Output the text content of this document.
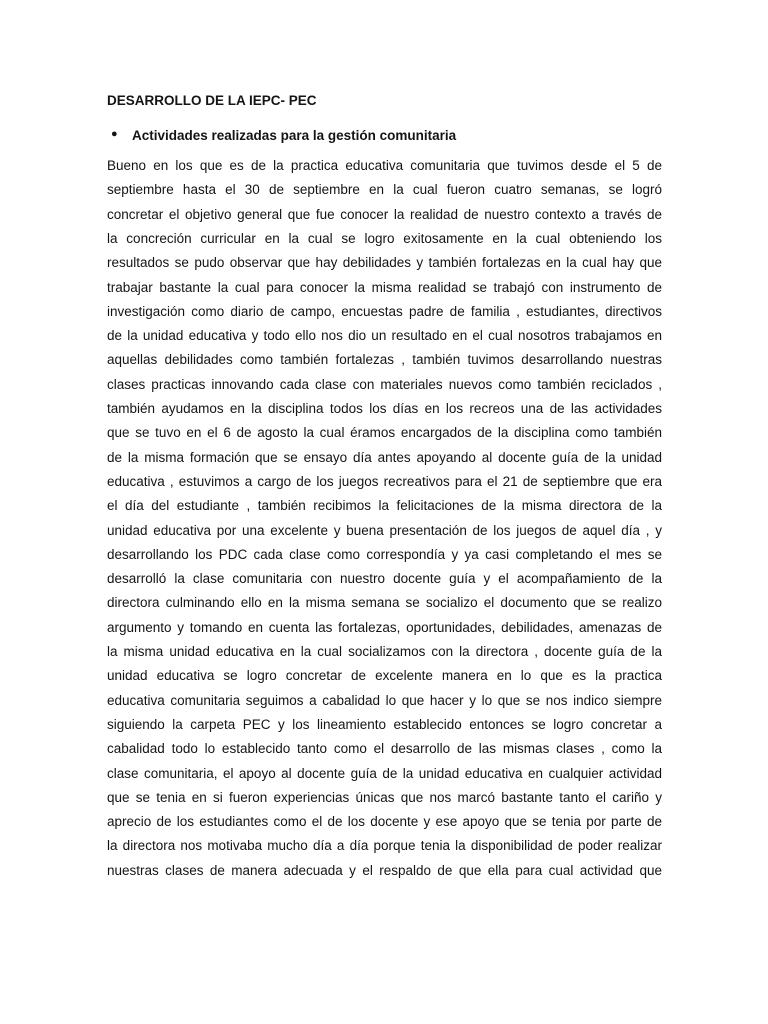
DESARROLLO DE LA IEPC- PEC
● Actividades realizadas para la gestión comunitaria
Bueno en los que es de la practica educativa comunitaria que tuvimos desde el 5 de
septiembre hasta el 30 de septiembre en la cual fueron cuatro semanas, se logró
concretar el objetivo general que fue conocer la realidad de nuestro contexto a través de
la concreción curricular en la cual se logro exitosamente en la cual obteniendo los
resultados se pudo observar que hay debilidades y también fortalezas en la cual hay que
trabajar bastante la cual para conocer la misma realidad se trabajó con instrumento de
investigación como diario de campo, encuestas padre de familia , estudiantes, directivos
de la unidad educativa y todo ello nos dio un resultado en el cual nosotros trabajamos en
aquellas debilidades como también fortalezas , también tuvimos desarrollando nuestras
clases practicas innovando cada clase con materiales nuevos como también reciclados ,
también ayudamos en la disciplina todos los días en los recreos una de las actividades
que se tuvo en el 6 de agosto la cual éramos encargados de la disciplina como también
de la misma formación que se ensayo día antes apoyando al docente guía de la unidad
educativa , estuvimos a cargo de los juegos recreativos para el 21 de septiembre que era
el día del estudiante , también recibimos la felicitaciones de la misma directora de la
unidad educativa por una excelente y buena presentación de los juegos de aquel día , y
desarrollando los PDC cada clase como correspondía y ya casi completando el mes se
desarrolló la clase comunitaria con nuestro docente guía y el acompañamiento de la
directora culminando ello en la misma semana se socializo el documento que se realizo
argumento y tomando en cuenta las fortalezas, oportunidades, debilidades, amenazas de
la misma unidad educativa en la cual socializamos con la directora , docente guía de la
unidad educativa se logro concretar de excelente manera en lo que es la practica
educativa comunitaria seguimos a cabalidad lo que hacer y lo que se nos indico siempre
siguiendo la carpeta PEC y los lineamiento establecido entonces se logro concretar a
cabalidad todo lo establecido tanto como el desarrollo de las mismas clases , como la
clase comunitaria, el apoyo al docente guía de la unidad educativa en cualquier actividad
que se tenia en si fueron experiencias únicas que nos marcó bastante tanto el cariño y
aprecio de los estudiantes como el de los docente y ese apoyo que se tenia por parte de
la directora nos motivaba mucho día a día porque tenia la disponibilidad de poder realizar
nuestras clases de manera adecuada y el respaldo de que ella para cual actividad que
